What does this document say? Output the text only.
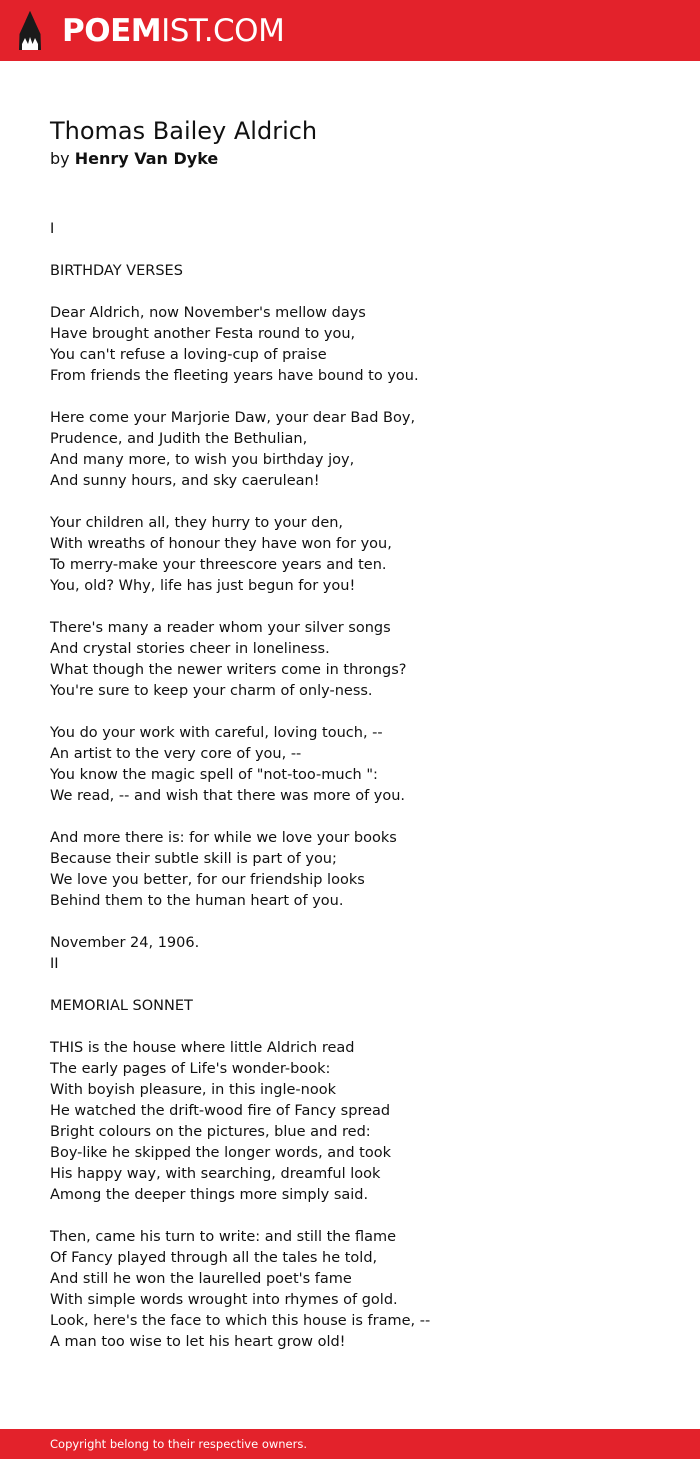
POEMIST.COM
Thomas Bailey Aldrich
by Henry Van Dyke
I
BIRTHDAY VERSES
Dear Aldrich, now November's mellow days
Have brought another Festa round to you,
You can't refuse a loving-cup of praise
From friends the fleeting years have bound to you.
Here come your Marjorie Daw, your dear Bad Boy,
Prudence, and Judith the Bethulian,
And many more, to wish you birthday joy,
And sunny hours, and sky caerulean!
Your children all, they hurry to your den,
With wreaths of honour they have won for you,
To merry-make your threescore years and ten.
You, old? Why, life has just begun for you!
There's many a reader whom your silver songs
And crystal stories cheer in loneliness.
What though the newer writers come in throngs?
You're sure to keep your charm of only-ness.
You do your work with careful, loving touch, --
An artist to the very core of you, --
You know the magic spell of "not-too-much ":
We read, -- and wish that there was more of you.
And more there is: for while we love your books
Because their subtle skill is part of you;
We love you better, for our friendship looks
Behind them to the human heart of you.
November 24, 1906.
II
MEMORIAL SONNET
THIS is the house where little Aldrich read
The early pages of Life's wonder-book:
With boyish pleasure, in this ingle-nook
He watched the drift-wood fire of Fancy spread
Bright colours on the pictures, blue and red:
Boy-like he skipped the longer words, and took
His happy way, with searching, dreamful look
Among the deeper things more simply said.
Then, came his turn to write: and still the flame
Of Fancy played through all the tales he told,
And still he won the laurelled poet's fame
With simple words wrought into rhymes of gold.
Look, here's the face to which this house is frame, --
A man too wise to let his heart grow old!
Copyright belong to their respective owners.
